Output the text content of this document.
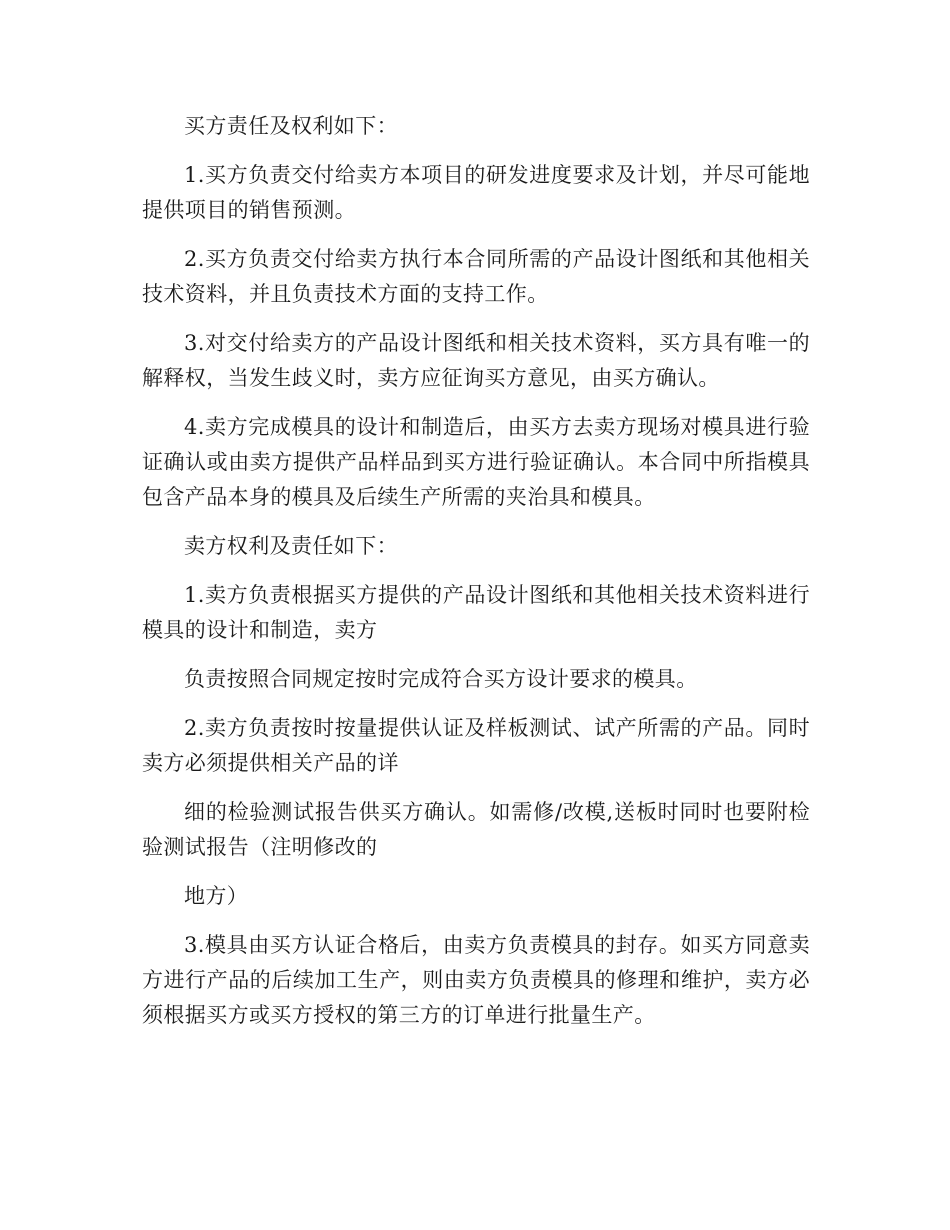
买方责任及权利如下：

1.买方负责交付给卖方本项目的研发进度要求及计划，并尽可能地提供项目的销售预测。

2.买方负责交付给卖方执行本合同所需的产品设计图纸和其他相关技术资料，并且负责技术方面的支持工作。

3.对交付给卖方的产品设计图纸和相关技术资料，买方具有唯一的解释权，当发生歧义时，卖方应征询买方意见，由买方确认。

4.卖方完成模具的设计和制造后，由买方去卖方现场对模具进行验证确认或由卖方提供产品样品到买方进行验证确认。本合同中所指模具包含产品本身的模具及后续生产所需的夹治具和模具。

卖方权利及责任如下：

1.卖方负责根据买方提供的产品设计图纸和其他相关技术资料进行模具的设计和制造，卖方

负责按照合同规定按时完成符合买方设计要求的模具。

2.卖方负责按时按量提供认证及样板测试、试产所需的产品。同时卖方必须提供相关产品的详

细的检验测试报告供买方确认。如需修/改模,送板时同时也要附检验测试报告（注明修改的

地方）

3.模具由买方认证合格后，由卖方负责模具的封存。如买方同意卖方进行产品的后续加工生产，则由卖方负责模具的修理和维护，卖方必须根据买方或买方授权的第三方的订单进行批量生产。
